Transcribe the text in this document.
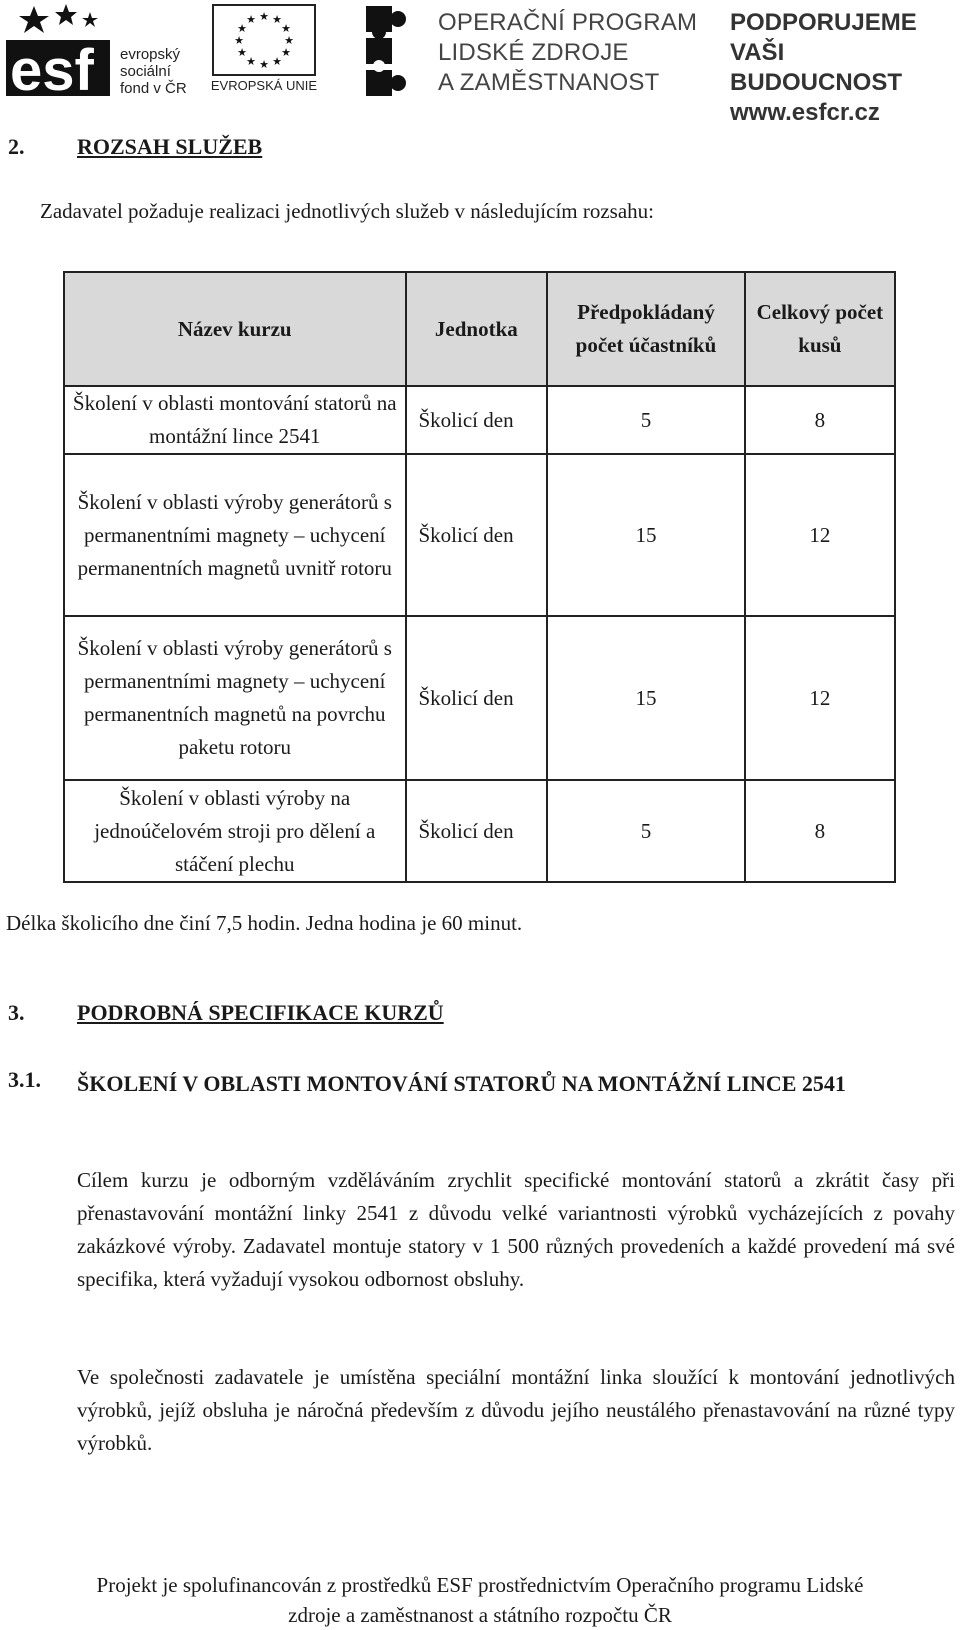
esf evropský
sociální
fond v ČR
★ ★
★
★
★
★
★
★
★
★
★
★
EVROPSKÁ UNIE
OPERAČNÍ PROGRAM
LIDSKÉ ZDROJE
A ZAMĚSTNANOST
PODPORUJEME
VAŠI BUDOUCNOST
www.esfcr.cz
2. ROZSAH SLUŽEB
Zadavatel požaduje realizaci jednotlivých služeb v následujícím rozsahu:
Název kurzu	Jednotka	Předpokládaný počet účastníků	Celkový počet kusů
Školení v oblasti montování statorů na montážní lince 2541	Školicí den	5	8
Školení v oblasti výroby generátorů s permanentními magnety – uchycení permanentních magnetů uvnitř rotoru	Školicí den	15	12
Školení v oblasti výroby generátorů s permanentními magnety – uchycení permanentních magnetů na povrchu paketu rotoru	Školicí den	15	12
Školení v oblasti výroby na jednoúčelovém stroji pro dělení a stáčení plechu	Školicí den	5	8
Délka školicího dne činí 7,5 hodin. Jedna hodina je 60 minut.
3. PODROBNÁ SPECIFIKACE KURZŮ
3.1. ŠKOLENÍ V OBLASTI MONTOVÁNÍ STATORŮ NA MONTÁŽNÍ LINCE 2541
Cílem kurzu je odborným vzděláváním zrychlit specifické montování statorů a zkrátit časy při přenastavování montážní linky 2541 z důvodu velké variantnosti výrobků vycházejících z povahy zakázkové výroby. Zadavatel montuje statory v 1 500 různých provedeních a každé provedení má své specifika, která vyžadují vysokou odbornost obsluhy.
Ve společnosti zadavatele je umístěna speciální montážní linka sloužící k montování jednotlivých výrobků, jejíž obsluha je náročná především z důvodu jejího neustálého přenastavování na různé typy výrobků.
Projekt je spolufinancován z prostředků ESF prostřednictvím Operačního programu Lidské
zdroje a zaměstnanost a státního rozpočtu ČR
